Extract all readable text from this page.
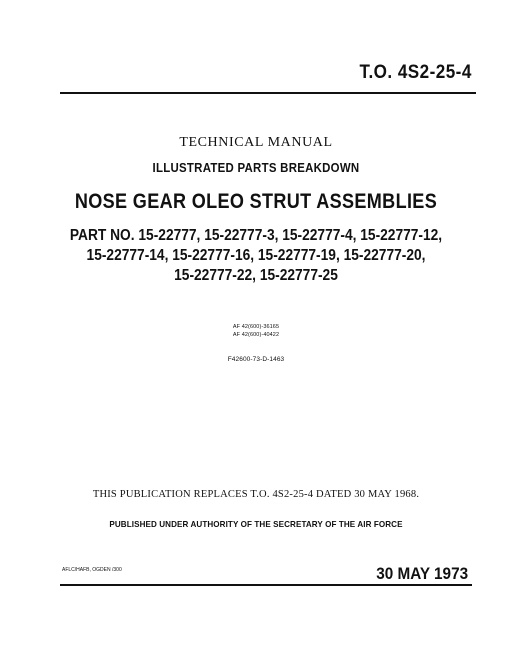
T.O. 4S2-25-4
TECHNICAL MANUAL
ILLUSTRATED PARTS BREAKDOWN
NOSE GEAR OLEO STRUT ASSEMBLIES
PART NO. 15-22777, 15-22777-3, 15-22777-4, 15-22777-12,
15-22777-14, 15-22777-16, 15-22777-19, 15-22777-20,
15-22777-22, 15-22777-25
AF 42(600)-36165
AF 42(600)-40422
F42600-73-D-1463
THIS PUBLICATION REPLACES T.O. 4S2-25-4 DATED 30 MAY 1968.
PUBLISHED UNDER AUTHORITY OF THE SECRETARY OF THE AIR FORCE
AFLC/HAFB, OGDEN /300	30 MAY 1973
